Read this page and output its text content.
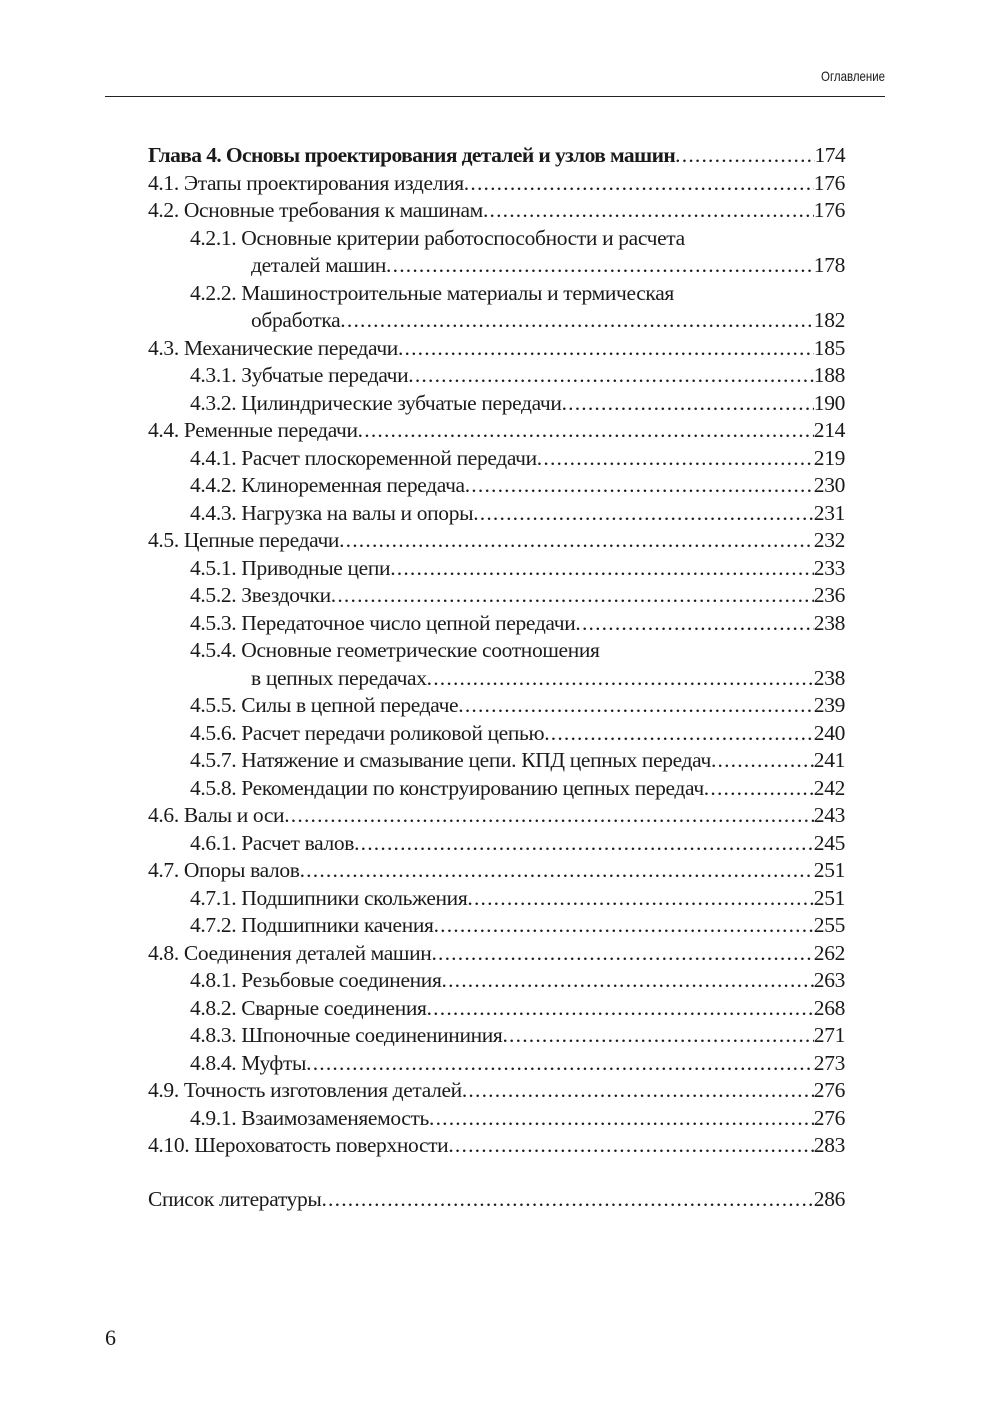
Оглавление
Глава 4. Основы проектирования деталей и узлов машин .....	174
4.1. Этапы проектирования изделия .....	176
4.2. Основные требования к машинам .....	176
4.2.1. Основные критерии работоспособности и расчета
деталей машин .....	178
4.2.2. Машиностроительные материалы и термическая
обработка .....	182
4.3. Механические передачи .....	185
4.3.1. Зубчатые передачи .....	188
4.3.2. Цилиндрические зубчатые передачи .....	190
4.4. Ременные передачи .....	214
4.4.1. Расчет плоскоременной передачи .....	219
4.4.2. Клиноременная передача .....	230
4.4.3. Нагрузка на валы и опоры .....	231
4.5. Цепные передачи .....	232
4.5.1. Приводные цепи .....	233
4.5.2. Звездочки .....	236
4.5.3. Передаточное число цепной передачи .....	238
4.5.4. Основные геометрические соотношения
в цепных передачах .....	238
4.5.5. Силы в цепной передаче .....	239
4.5.6. Расчет передачи роликовой цепью .....	240
4.5.7. Натяжение и смазывание цепи. КПД цепных передач .....	241
4.5.8. Рекомендации по конструированию цепных передач .....	242
4.6. Валы и оси .....	243
4.6.1. Расчет валов .....	245
4.7. Опоры валов .....	251
4.7.1. Подшипники скольжения .....	251
4.7.2. Подшипники качения .....	255
4.8. Соединения деталей машин .....	262
4.8.1. Резьбовые соединения .....	263
4.8.2. Сварные соединения .....	268
4.8.3. Шпоночные соединенининия .....	271
4.8.4. Муфты .....	273
4.9. Точность изготовления деталей .....	276
4.9.1. Взаимозаменяемость .....	276
4.10. Шероховатость поверхности .....	283
Список литературы .....	286
6
